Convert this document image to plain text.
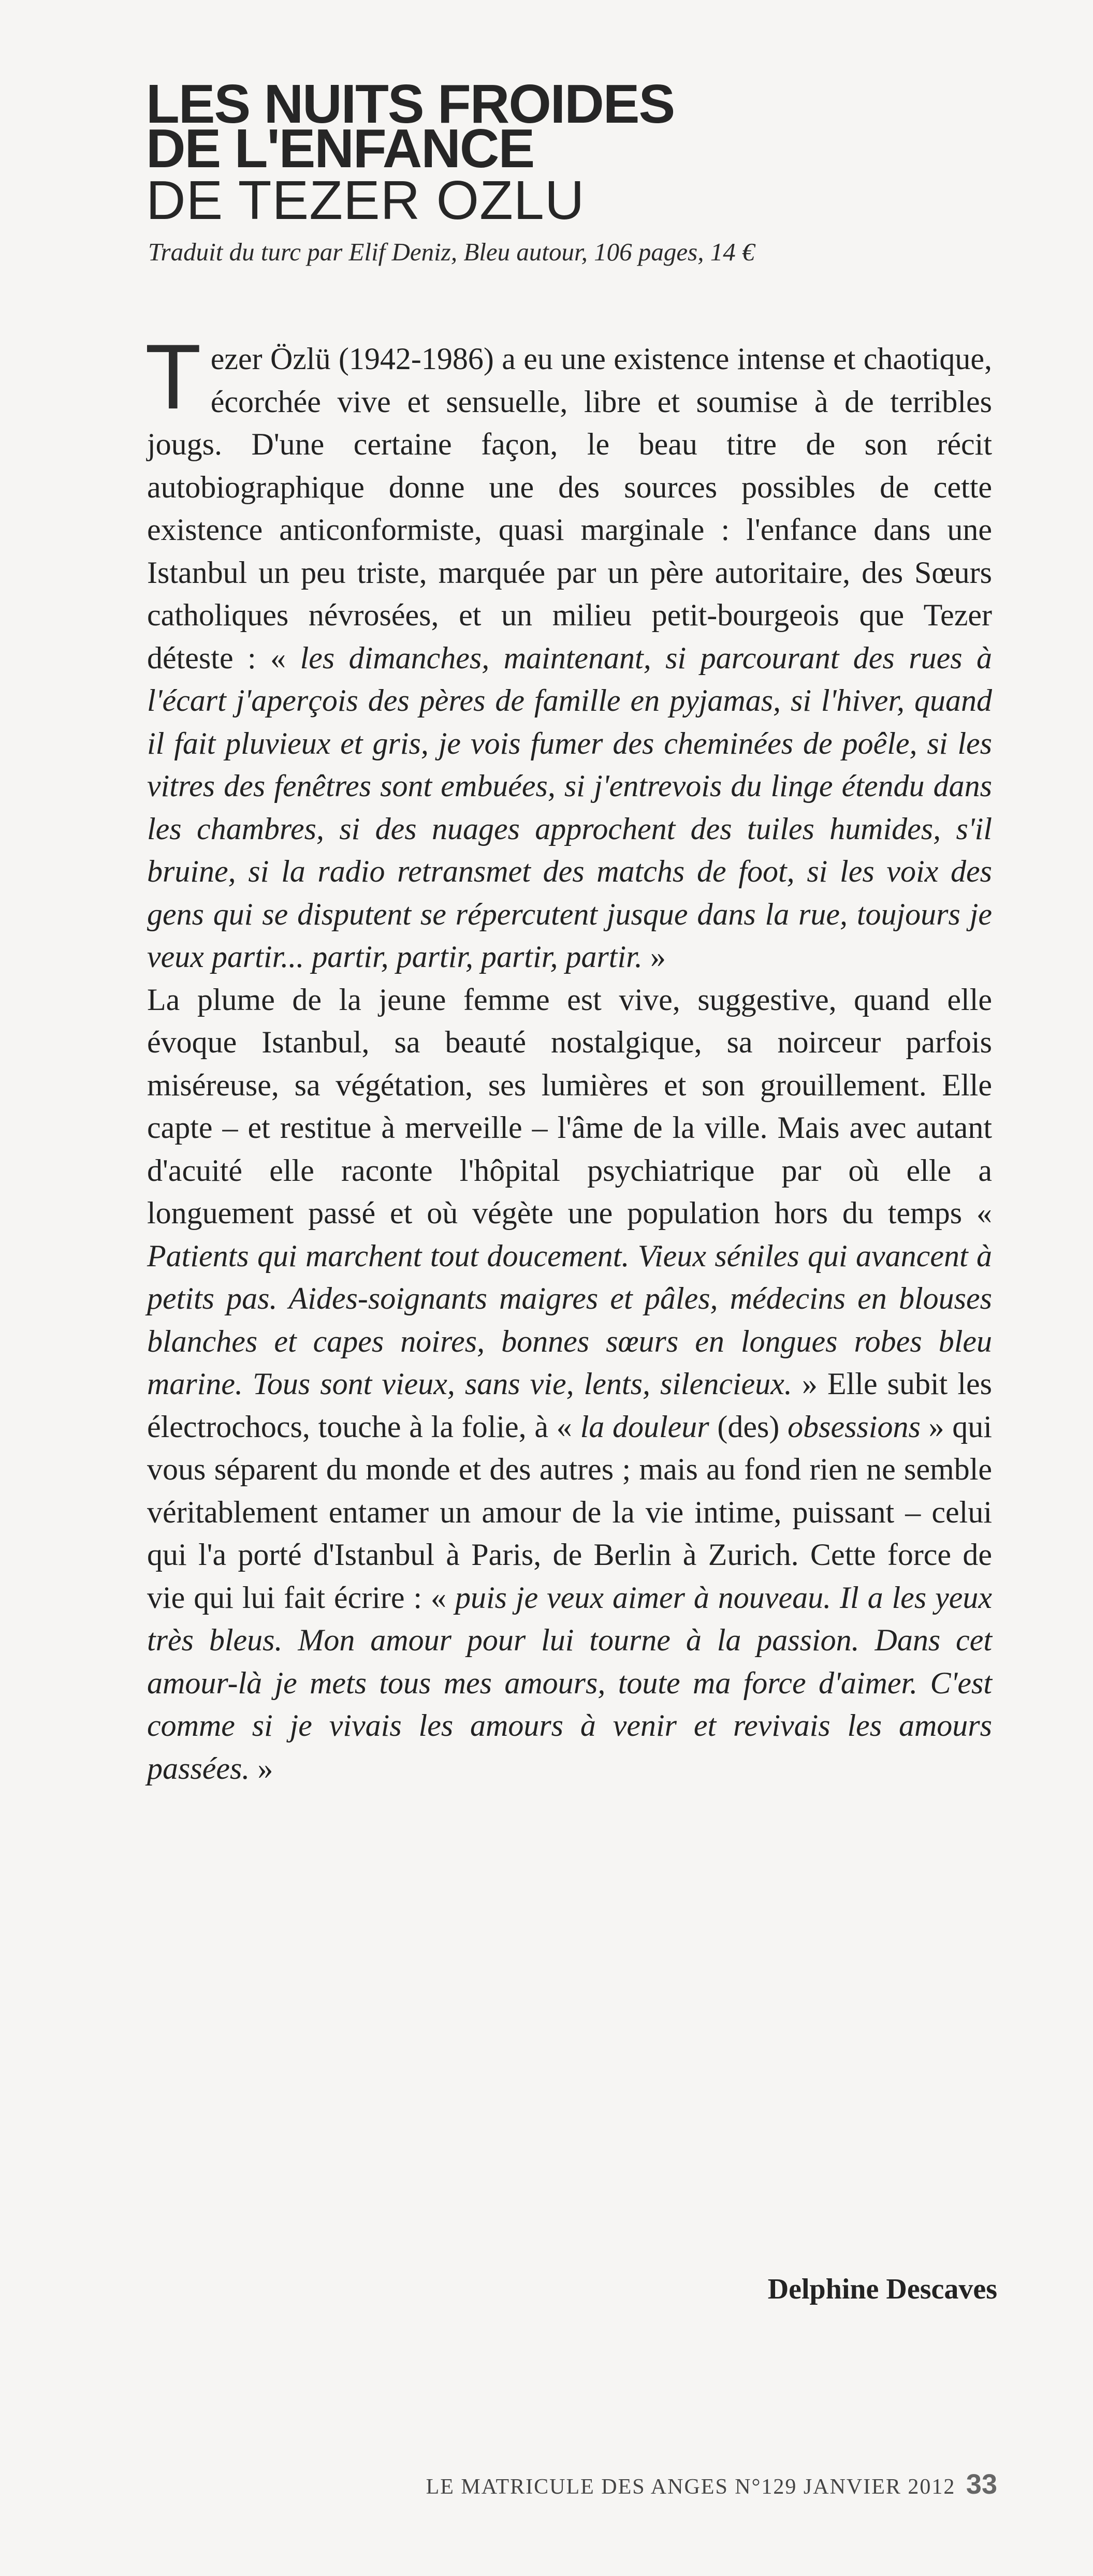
LES NUITS FROIDES
DE L'ENFANCE
DE TEZER OZLU

Traduit du turc par Elif Deniz, Bleu autour, 106 pages, 14 €

Tezer Özlü (1942-1986) a eu une existence intense et chaotique, écorchée vive et sensuelle, libre et soumise à de terribles jougs. D'une certaine façon, le beau titre de son récit autobiographique donne une des sources possibles de cette existence anticonformiste, quasi marginale : l'enfance dans une Istanbul un peu triste, marquée par un père autoritaire, des Sœurs catholiques névrosées, et un milieu petit-bourgeois que Tezer déteste : « les dimanches, maintenant, si parcourant des rues à l'écart j'aperçois des pères de famille en pyjamas, si l'hiver, quand il fait pluvieux et gris, je vois fumer des cheminées de poêle, si les vitres des fenêtres sont embuées, si j'entrevois du linge étendu dans les chambres, si des nuages approchent des tuiles humides, s'il bruine, si la radio retransmet des matchs de foot, si les voix des gens qui se disputent se répercutent jusque dans la rue, toujours je veux partir... partir, partir, partir, partir. »

La plume de la jeune femme est vive, suggestive, quand elle évoque Istanbul, sa beauté nostalgique, sa noirceur parfois miséreuse, sa végétation, ses lumières et son grouillement. Elle capte – et restitue à merveille – l'âme de la ville. Mais avec autant d'acuité elle raconte l'hôpital psychiatrique par où elle a longuement passé et où végète une population hors du temps « Patients qui marchent tout doucement. Vieux séniles qui avancent à petits pas. Aides-soignants maigres et pâles, médecins en blouses blanches et capes noires, bonnes sœurs en longues robes bleu marine. Tous sont vieux, sans vie, lents, silencieux. » Elle subit les électrochocs, touche à la folie, à « la douleur (des) obsessions » qui vous séparent du monde et des autres ; mais au fond rien ne semble véritablement entamer un amour de la vie intime, puissant – celui qui l'a porté d'Istanbul à Paris, de Berlin à Zurich. Cette force de vie qui lui fait écrire : « puis je veux aimer à nouveau. Il a les yeux très bleus. Mon amour pour lui tourne à la passion. Dans cet amour-là je mets tous mes amours, toute ma force d'aimer. C'est comme si je vivais les amours à venir et revivais les amours passées. »

Delphine Descaves

LE MATRICULE DES ANGES N°129 JANVIER 2012 33
